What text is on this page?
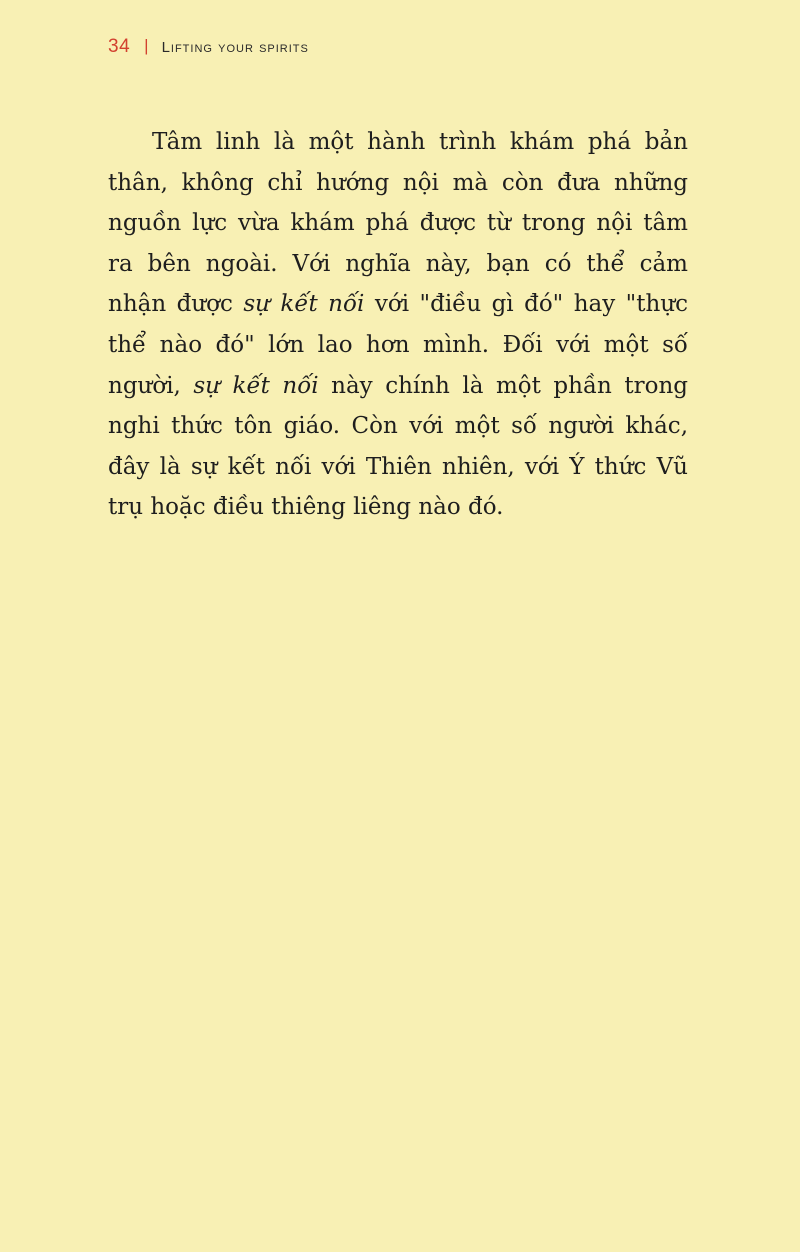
34 | Lifting your spirits
Tâm linh là một hành trình khám phá bản
thân, không chỉ hướng nội mà còn đưa những
nguồn lực vừa khám phá được từ trong nội tâm
ra bên ngoài. Với nghĩa này, bạn có thể cảm
nhận được sự kết nối với "điều gì đó" hay "thực
thể nào đó" lớn lao hơn mình. Đối với một số
người, sự kết nối này chính là một phần trong
nghi thức tôn giáo. Còn với một số người khác,
đây là sự kết nối với Thiên nhiên, với Ý thức Vũ
trụ hoặc điều thiêng liêng nào đó.
